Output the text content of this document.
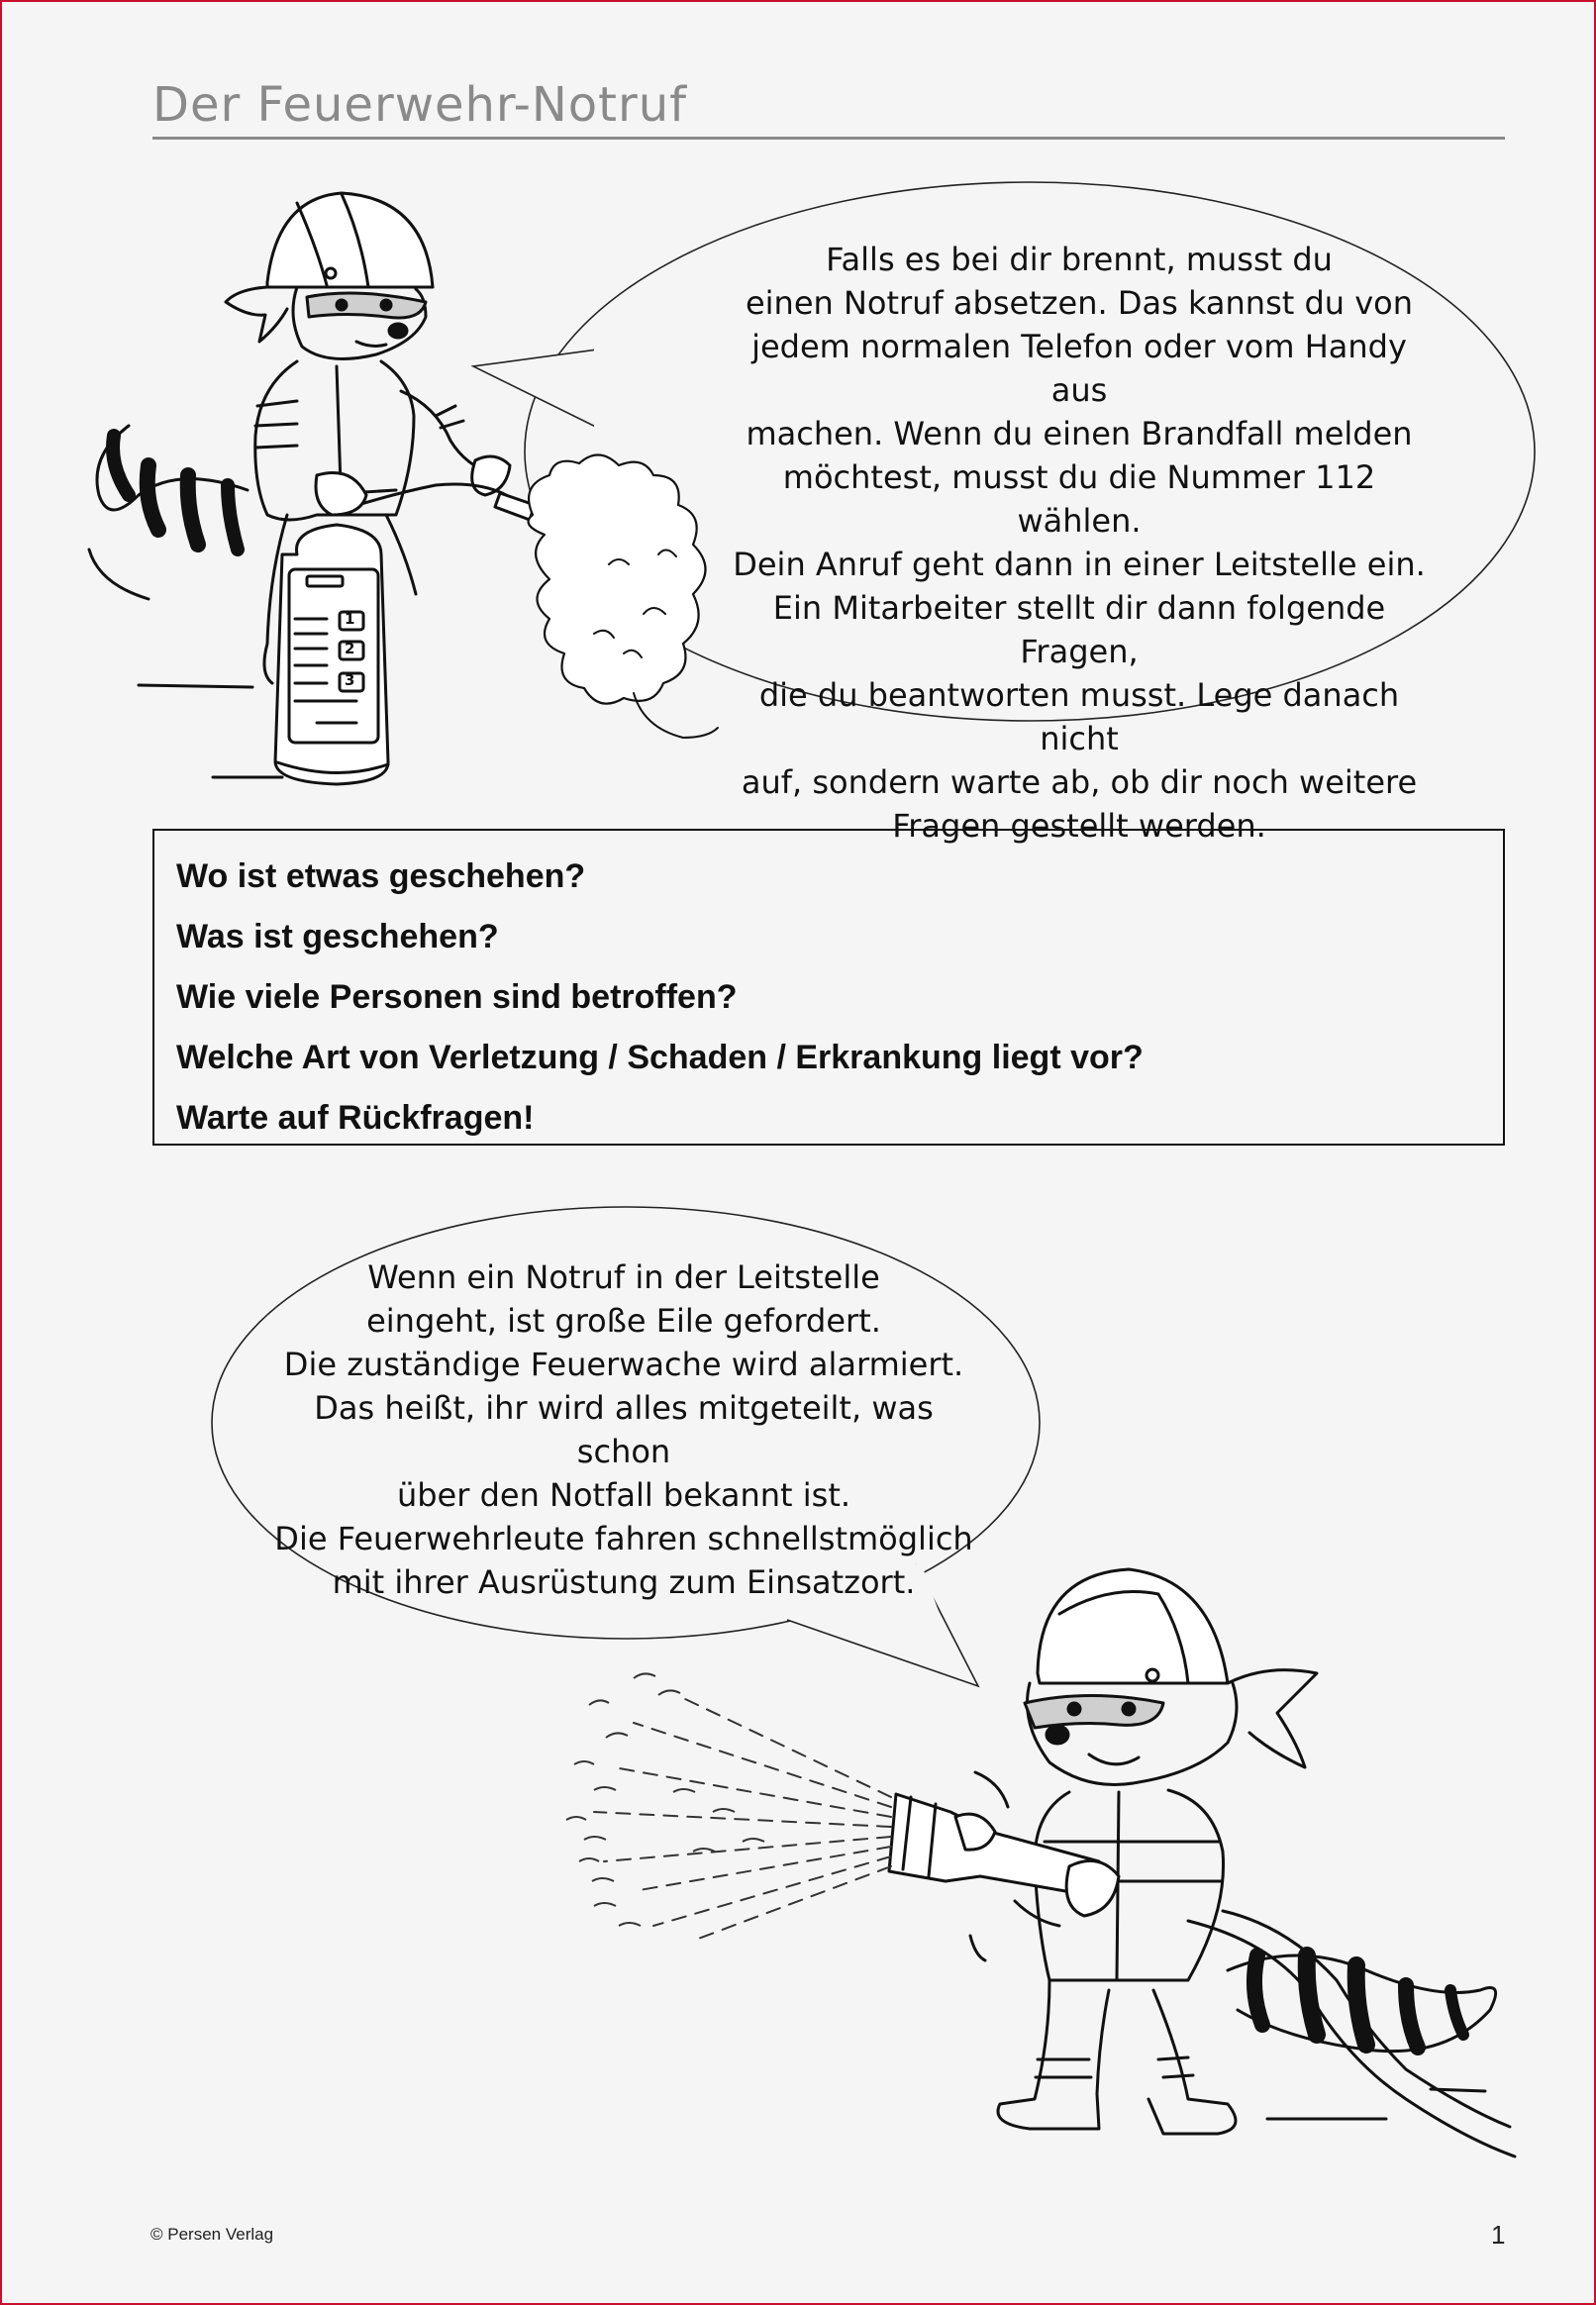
Der Feuerwehr-Notruf
Falls es bei dir brennt, musst du
einen Notruf absetzen. Das kannst du von
jedem normalen Telefon oder vom Handy aus
machen. Wenn du einen Brandfall melden
möchtest, musst du die Nummer 112 wählen.
Dein Anruf geht dann in einer Leitstelle ein.
Ein Mitarbeiter stellt dir dann folgende Fragen,
die du beantworten musst. Lege danach nicht
auf, sondern warte ab, ob dir noch weitere
Fragen gestellt werden.
1
2
3

Wo ist etwas geschehen?

Was ist geschehen?

Wie viele Personen sind betroffen?

Welche Art von Verletzung / Schaden / Erkrankung liegt vor?

Warte auf Rückfragen!

Wenn ein Notruf in der Leitstelle
eingeht, ist große Eile gefordert.
Die zuständige Feuerwache wird alarmiert.
Das heißt, ihr wird alles mitgeteilt, was schon
über den Notfall bekannt ist.
Die Feuerwehrleute fahren schnellstmöglich
mit ihrer Ausrüstung zum Einsatzort.
© Persen Verlag	1
